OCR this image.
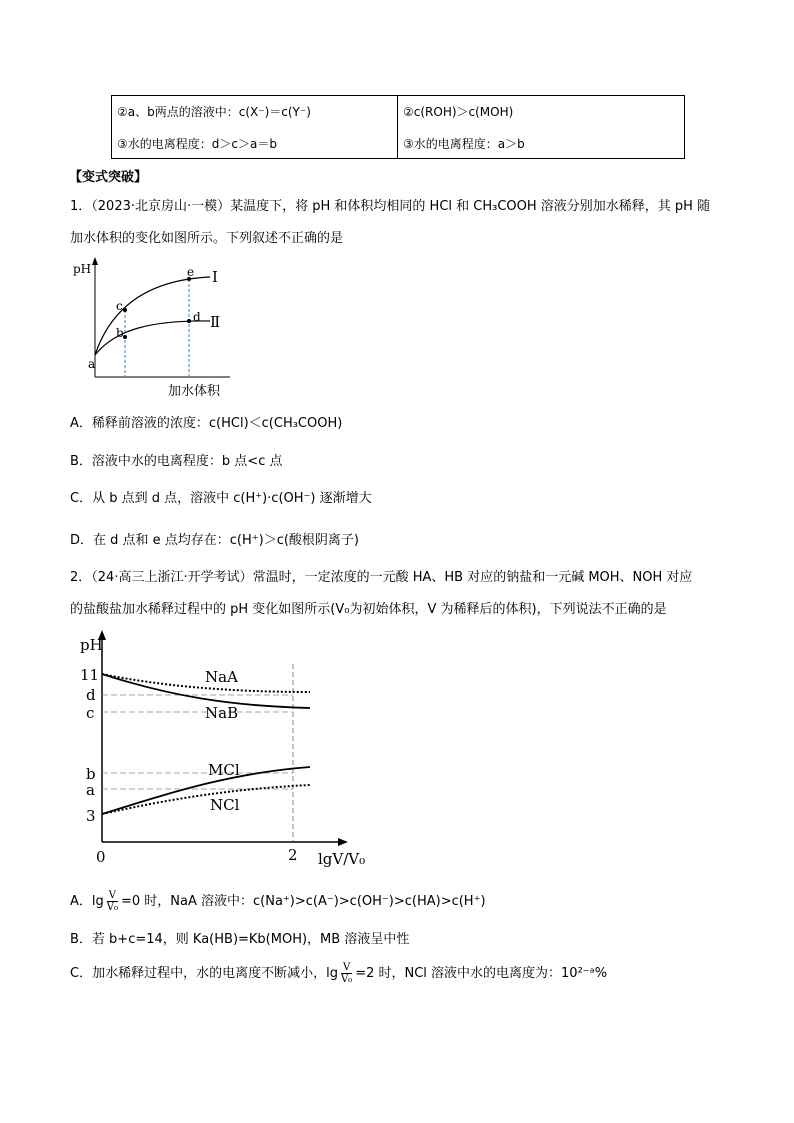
②a、b两点的溶液中：c(X⁻)＝c(Y⁻)	②c(ROH)＞c(MOH)
③水的电离程度：d＞c＞a＝b	③水的电离程度：a＞b
【变式突破】
1．（2023·北京房山·一模）某温度下，将 pH 和体积均相同的 HCl 和 CH₃COOH 溶液分别加水稀释，其 pH 随
加水体积的变化如图所示。下列叙述不正确的是
pH
a
b
c
d
e I
Ⅱ
加水体积
A．稀释前溶液的浓度：c(HCl)＜c(CH₃COOH)
B．溶液中水的电离程度：b 点<c 点
C．从 b 点到 d 点，溶液中 c(H⁺)·c(OH⁻) 逐渐增大
D．在 d 点和 e 点均存在：c(H⁺)＞c(酸根阴离子)
2．（24·高三上浙江·开学考试）常温时，一定浓度的一元酸 HA、HB 对应的钠盐和一元碱 MOH、NOH 对应
的盐酸盐加水稀释过程中的 pH 变化如图所示(V₀为初始体积，V 为稀释后的体积)，下列说法不正确的是
NaA
NaB
MCl
NCl
pH
11
d
c
b
a
3
0	2 lgV/V₀
A．$\lg \frac{V}{\text{V₀}} =0$ 时，NaA 溶液中：c(Na⁺)>c(A⁻)>c(OH⁻)>c(HA)>c(H⁺)
B．若 b+c=14，则 Ka(HB)=Kb(MOH)，MB 溶液呈中性
C．加水稀释过程中，水的电离度不断减小，$\lg \frac{V}{\text{V₀}} =2$ 时，NCl 溶液中水的电离度为：10²⁻ᵃ%
